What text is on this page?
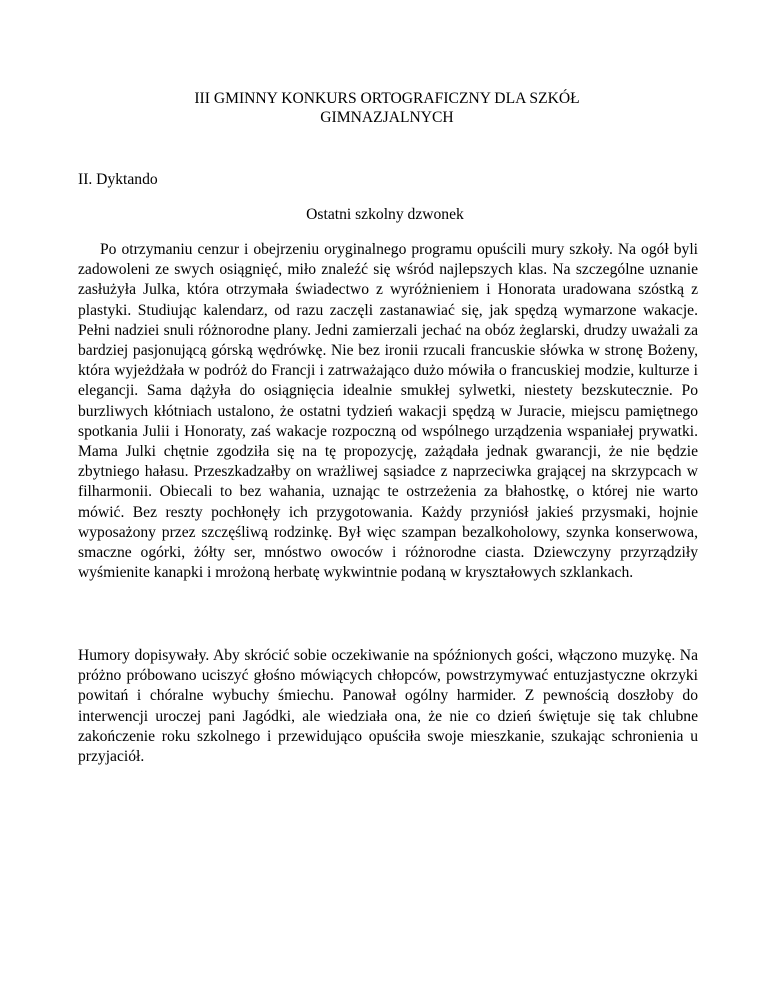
III GMINNY KONKURS ORTOGRAFICZNY DLA SZKÓŁ
GIMNAZJALNYCH
II. Dyktando
Ostatni szkolny dzwonek

Po otrzymaniu cenzur i obejrzeniu oryginalnego programu opuścili mury szkoły. Na ogół byli zadowoleni ze swych osiągnięć, miło znaleźć się wśród najlepszych klas. Na szczególne uznanie zasłużyła Julka, która otrzymała świadectwo z wyróżnieniem i Honorata uradowana szóstką z plastyki. Studiując kalendarz, od razu zaczęli zastanawiać się, jak spędzą wymarzone wakacje. Pełni nadziei snuli różnorodne plany. Jedni zamierzali jechać na obóz żeglarski, drudzy uważali za bardziej pasjonującą górską wędrówkę. Nie bez ironii rzucali francuskie słówka w stronę Bożeny, która wyjeżdżała w podróż do Francji i zatrważająco dużo mówiła o francuskiej modzie, kulturze i elegancji. Sama dążyła do osiągnięcia idealnie smukłej sylwetki, niestety bezskutecznie. Po burzliwych kłótniach ustalono, że ostatni tydzień wakacji spędzą w Juracie, miejscu pamiętnego spotkania Julii i Honoraty, zaś wakacje rozpoczną od wspólnego urządzenia wspaniałej prywatki. Mama Julki chętnie zgodziła się na tę propozycję, zażądała jednak gwarancji, że nie będzie zbytniego hałasu. Przeszkadzałby on wrażliwej sąsiadce z naprzeciwka grającej na skrzypcach w filharmonii. Obiecali to bez wahania, uznając te ostrzeżenia za błahostkę, o której nie warto mówić. Bez reszty pochłonęły ich przygotowania. Każdy przyniósł jakieś przysmaki, hojnie wyposażony przez szczęśliwą rodzinkę. Był więc szampan bezalkoholowy, szynka konserwowa, smaczne ogórki, żółty ser, mnóstwo owoców i różnorodne ciasta. Dziewczyny przyrządziły wyśmienite kanapki i mrożoną herbatę wykwintnie podaną w kryształowych szklankach.

Humory dopisywały. Aby skrócić sobie oczekiwanie na spóźnionych gości, włączono muzykę. Na próżno próbowano uciszyć głośno mówiących chłopców, powstrzymywać entuzjastyczne okrzyki powitań i chóralne wybuchy śmiechu. Panował ogólny harmider. Z pewnością doszłoby do interwencji uroczej pani Jagódki, ale wiedziała ona, że nie co dzień świętuje się tak chlubne zakończenie roku szkolnego i przewidująco opuściła swoje mieszkanie, szukając schronienia u przyjaciół.
